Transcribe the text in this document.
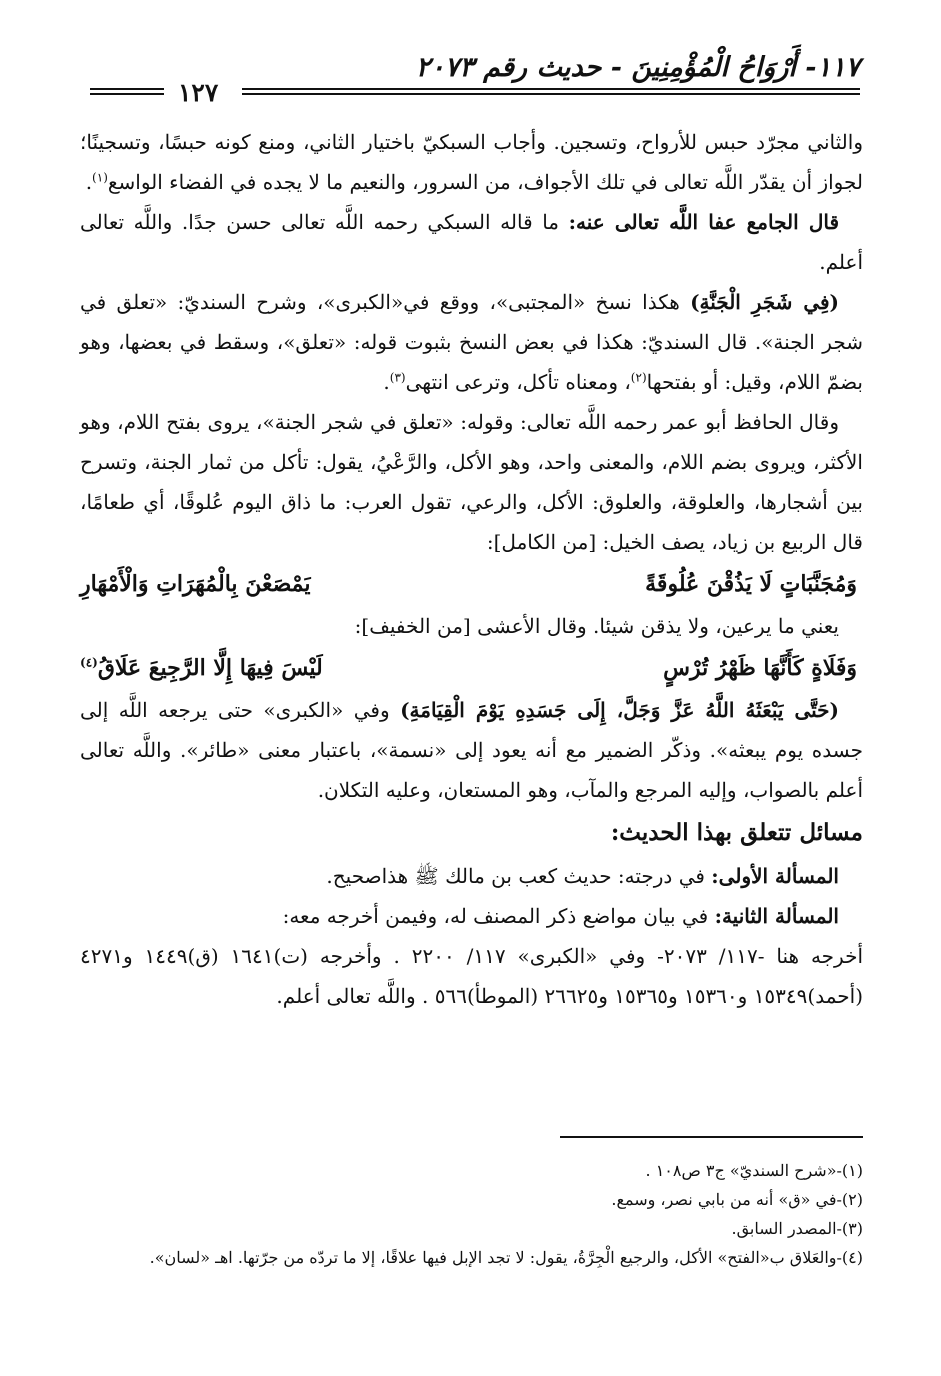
١١٧- أَرْوَاحُ الْمُؤْمِنِينَ - حديث رقم ٢٠٧٣
١٢٧

والثاني مجرّد حبس للأرواح، وتسجين. وأجاب السبكيّ باختيار الثاني، ومنع كونه حبسًا، وتسجينًا؛ لجواز أن يقدّر اللَّه تعالى في تلك الأجواف، من السرور، والنعيم ما لا يجده في الفضاء الواسع$^{(١)}$.

قال الجامع عفا اللَّه تعالى عنه: ما قاله السبكي رحمه اللَّه تعالى حسن جدًا. واللَّه تعالى أعلم.

(فِي شَجَرِ الْجَنَّةِ) هكذا نسخ «المجتبى»، ووقع في«الكبرى»، وشرح السنديّ: «تعلق في شجر الجنة». قال السنديّ: هكذا في بعض النسخ بثبوت قوله: «تعلق»، وسقط في بعضها، وهو بضمّ اللام، وقيل: أو بفتحها$^{(٢)}$، ومعناه تأكل، وترعى انتهى$^{(٣)}$.

وقال الحافظ أبو عمر رحمه اللَّه تعالى: وقوله: «تعلق في شجر الجنة»، يروى بفتح اللام، وهو الأكثر، ويروى بضم اللام، والمعنى واحد، وهو الأكل، والرَّعْيُ، يقول: تأكل من ثمار الجنة، وتسرح بين أشجارها، والعلوقة، والعلوق: الأكل، والرعي، تقول العرب: ما ذاق اليوم عُلوقًا، أي طعامًا، قال الربيع بن زياد، يصف الخيل: [من الكامل]:

وَمُجَنَّبَاتٍ لَا يَذُقْنَ عُلُوقَةً
يَمْصَعْنَ بِالْمُهَرَاتِ وَالْأَمْهَارِ

يعني ما يرعين، ولا يذقن شيئا. وقال الأعشى [من الخفيف]:

وَفَلَاةٍ كَأَنَّهَا ظَهْرُ تُرْسٍ
لَيْسَ فِيهَا إِلَّا الرَّجِيعَ عَلَاقُ$^{(٤)}$

(حَتَّى يَبْعَثَهُ اللَّهُ عَزَّ وَجَلَّ، إِلَى جَسَدِهِ يَوْمَ الْقِيَامَةِ) وفي «الكبرى» حتى يرجعه اللَّه إلى جسده يوم يبعثه». وذكّر الضمير مع أنه يعود إلى «نسمة»، باعتبار معنى «طائر». واللَّه تعالى أعلم بالصواب، وإليه المرجع والمآب، وهو المستعان، وعليه التكلان.

مسائل تتعلق بهذا الحديث:

المسألة الأولى: في درجته: حديث كعب بن مالك ﷺ هذاصحيح.

المسألة الثانية: في بيان مواضع ذكر المصنف له، وفيمن أخرجه معه:

أخرجه هنا -١١٧/ ٢٠٧٣- وفي «الكبرى» ١١٧/ ٢٢٠٠ . وأخرجه (ت)١٦٤١ (ق)١٤٤٩ و٤٢٧١ (أحمد)١٥٣٤٩ و١٥٣٦٠ و١٥٣٦٥ و٢٦٦٢٥ (الموطأ)٥٦٦ . واللَّه تعالى أعلم.

(١)-«شرح السنديّ» ج٣ ص١٠٨ .

(٢)-في «ق» أنه من بابي نصر، وسمع.

(٣)-المصدر السابق.

(٤)-والعَلاق ب«الفتح» الأكل، والرجيع الْجِرَّةُ، يقول: لا تجد الإبل فيها علاقًا، إلا ما تردّه من جرّتها. اهـ «لسان».
